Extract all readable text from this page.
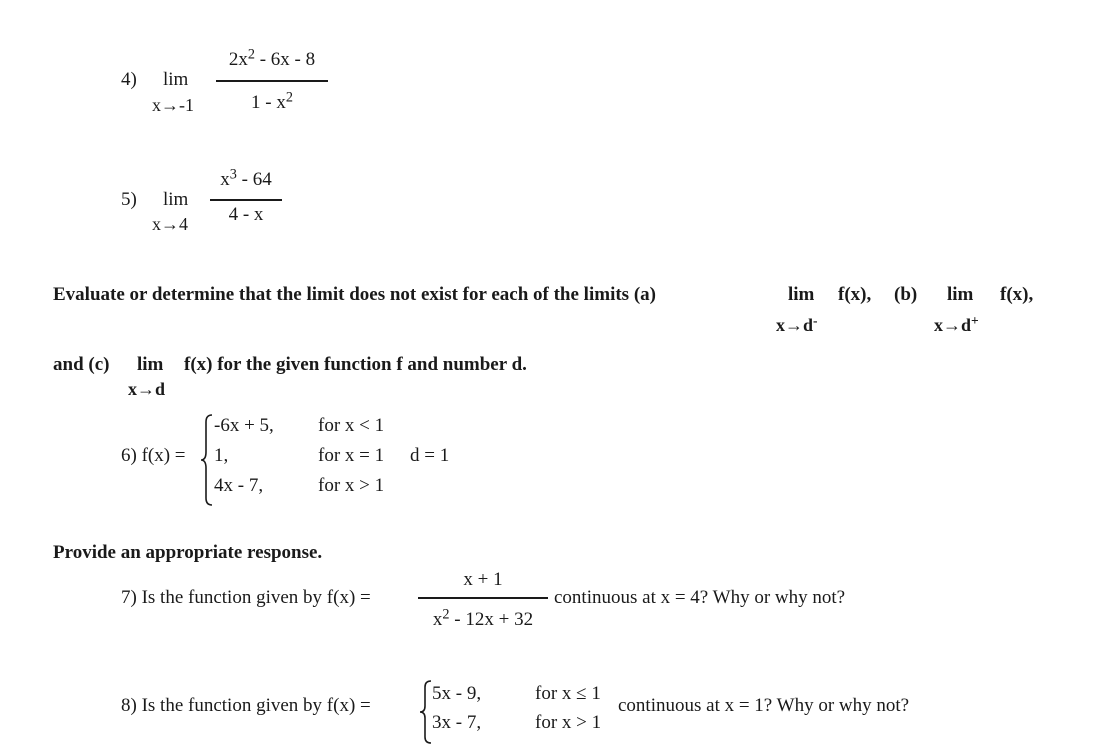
4) lim
x→-1
$2x^2 - 6x - 8$
$1 - x^2$
5) lim
x→4
$x^3 - 64$
4 - x
Evaluate or determine that the limit does not exist for each of the limits (a)	lim f(x), (b) lim f(x),
x→d-	x→d+
and (c) lim f(x) for the given function f and number d.
x→d
6) f(x) =
-6x + 5, for x < 1
1,	for x = 1
4x - 7,	for x > 1
d = 1
Provide an appropriate response.
7) Is the function given by f(x) =
x + 1
$x^2 - 12x + 32$
continuous at x = 4? Why or why not?
8) Is the function given by f(x) =
5x - 9,	for x ≤ 1
3x - 7,	for x > 1
continuous at x = 1? Why or why not?
